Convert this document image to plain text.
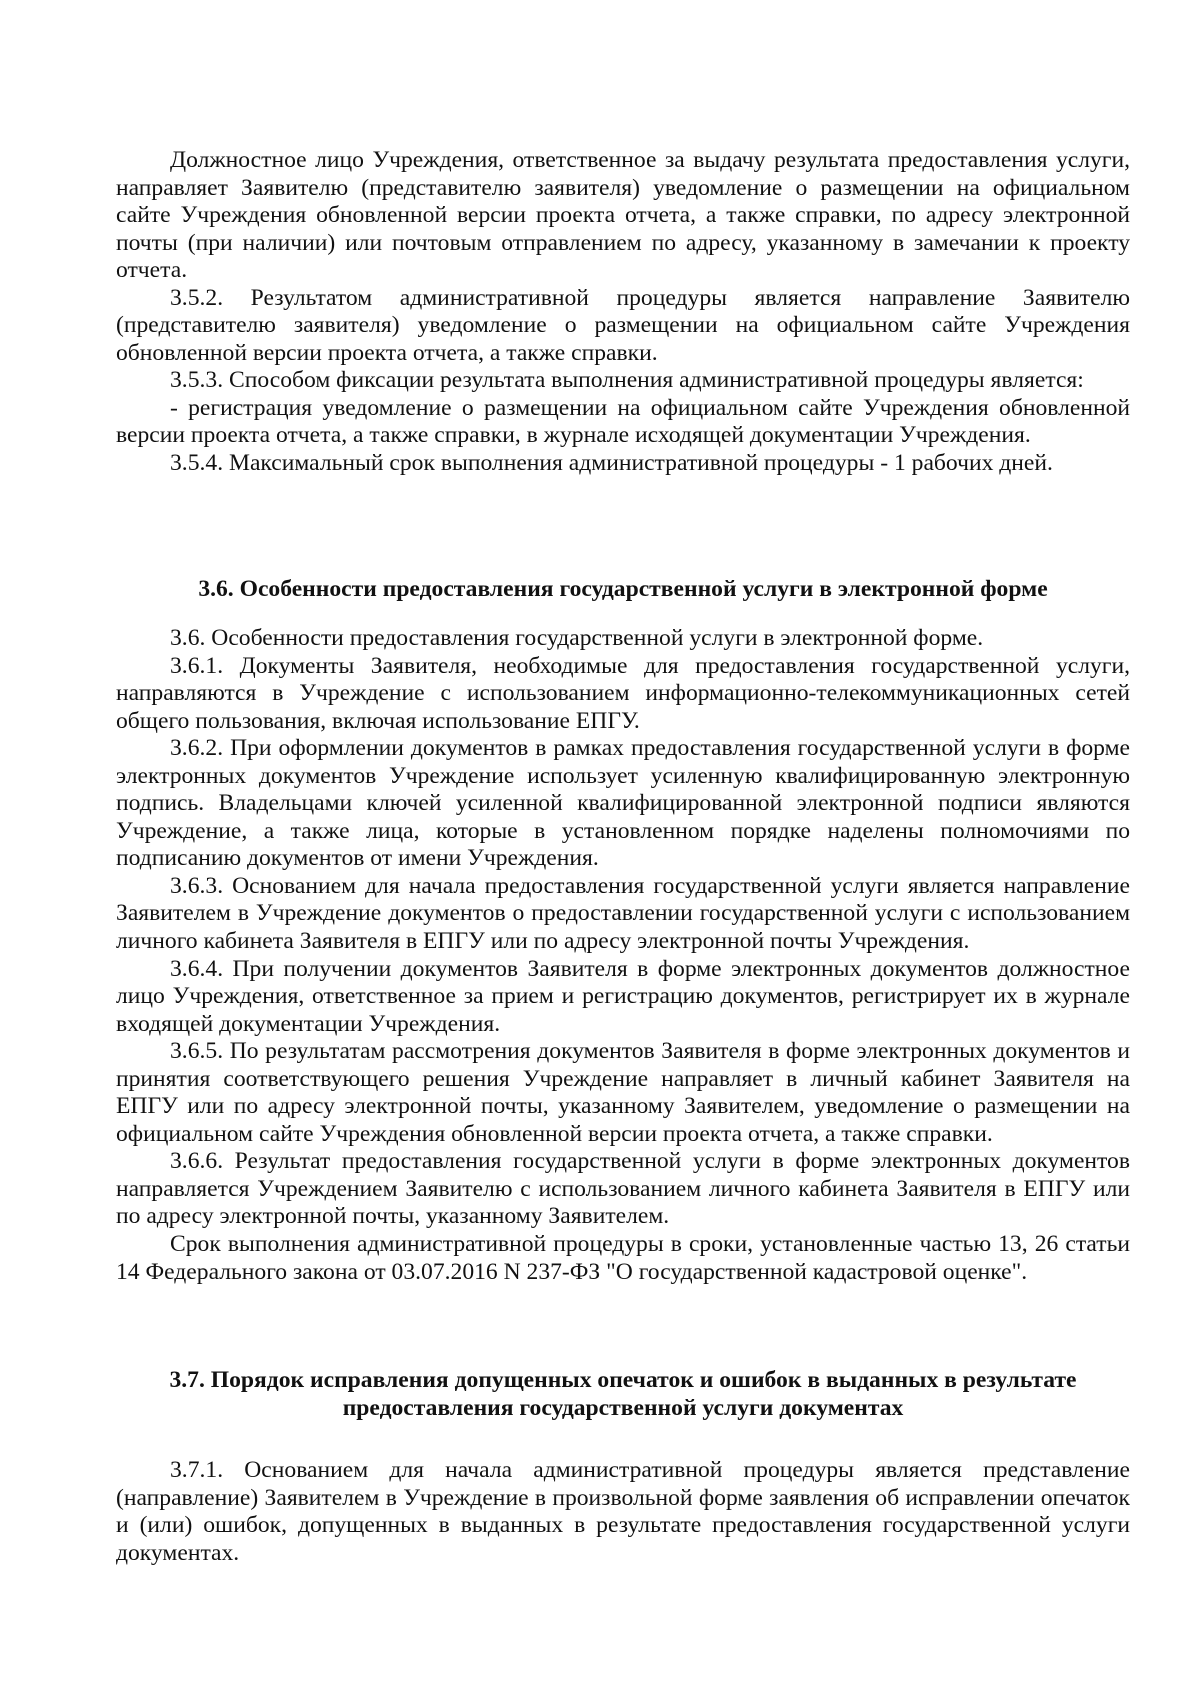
Должностное лицо Учреждения, ответственное за выдачу результата предоставления услуги, направляет Заявителю (представителю заявителя) уведомление о размещении на официальном сайте Учреждения обновленной версии проекта отчета, а также справки, по адресу электронной почты (при наличии) или почтовым отправлением по адресу, указанному в замечании к проекту отчета.

3.5.2. Результатом административной процедуры является направление Заявителю (представителю заявителя) уведомление о размещении на официальном сайте Учреждения обновленной версии проекта отчета, а также справки.

3.5.3. Способом фиксации результата выполнения административной процедуры является:

- регистрация уведомление о размещении на официальном сайте Учреждения обновленной версии проекта отчета, а также справки, в журнале исходящей документации Учреждения.

3.5.4. Максимальный срок выполнения административной процедуры - 1 рабочих дней.

3.6. Особенности предоставления государственной услуги в электронной форме

3.6. Особенности предоставления государственной услуги в электронной форме.

3.6.1. Документы Заявителя, необходимые для предоставления государственной услуги, направляются в Учреждение с использованием информационно-телекоммуникационных сетей общего пользования, включая использование ЕПГУ.

3.6.2. При оформлении документов в рамках предоставления государственной услуги в форме электронных документов Учреждение использует усиленную квалифицированную электронную подпись. Владельцами ключей усиленной квалифицированной электронной подписи являются Учреждение, а также лица, которые в установленном порядке наделены полномочиями по подписанию документов от имени Учреждения.

3.6.3. Основанием для начала предоставления государственной услуги является направление Заявителем в Учреждение документов о предоставлении государственной услуги с использованием личного кабинета Заявителя в ЕПГУ или по адресу электронной почты Учреждения.

3.6.4. При получении документов Заявителя в форме электронных документов должностное лицо Учреждения, ответственное за прием и регистрацию документов, регистрирует их в журнале входящей документации Учреждения.

3.6.5. По результатам рассмотрения документов Заявителя в форме электронных документов и принятия соответствующего решения Учреждение направляет в личный кабинет Заявителя на ЕПГУ или по адресу электронной почты, указанному Заявителем, уведомление о размещении на официальном сайте Учреждения обновленной версии проекта отчета, а также справки.

3.6.6. Результат предоставления государственной услуги в форме электронных документов направляется Учреждением Заявителю с использованием личного кабинета Заявителя в ЕПГУ или по адресу электронной почты, указанному Заявителем.

Срок выполнения административной процедуры в сроки, установленные частью 13, 26 статьи 14 Федерального закона от 03.07.2016 N 237-ФЗ "О государственной кадастровой оценке".

3.7. Порядок исправления допущенных опечаток и ошибок в выданных в результате

предоставления государственной услуги документах

3.7.1. Основанием для начала административной процедуры является представление (направление) Заявителем в Учреждение в произвольной форме заявления об исправлении опечаток и (или) ошибок, допущенных в выданных в результате предоставления государственной услуги документах.
